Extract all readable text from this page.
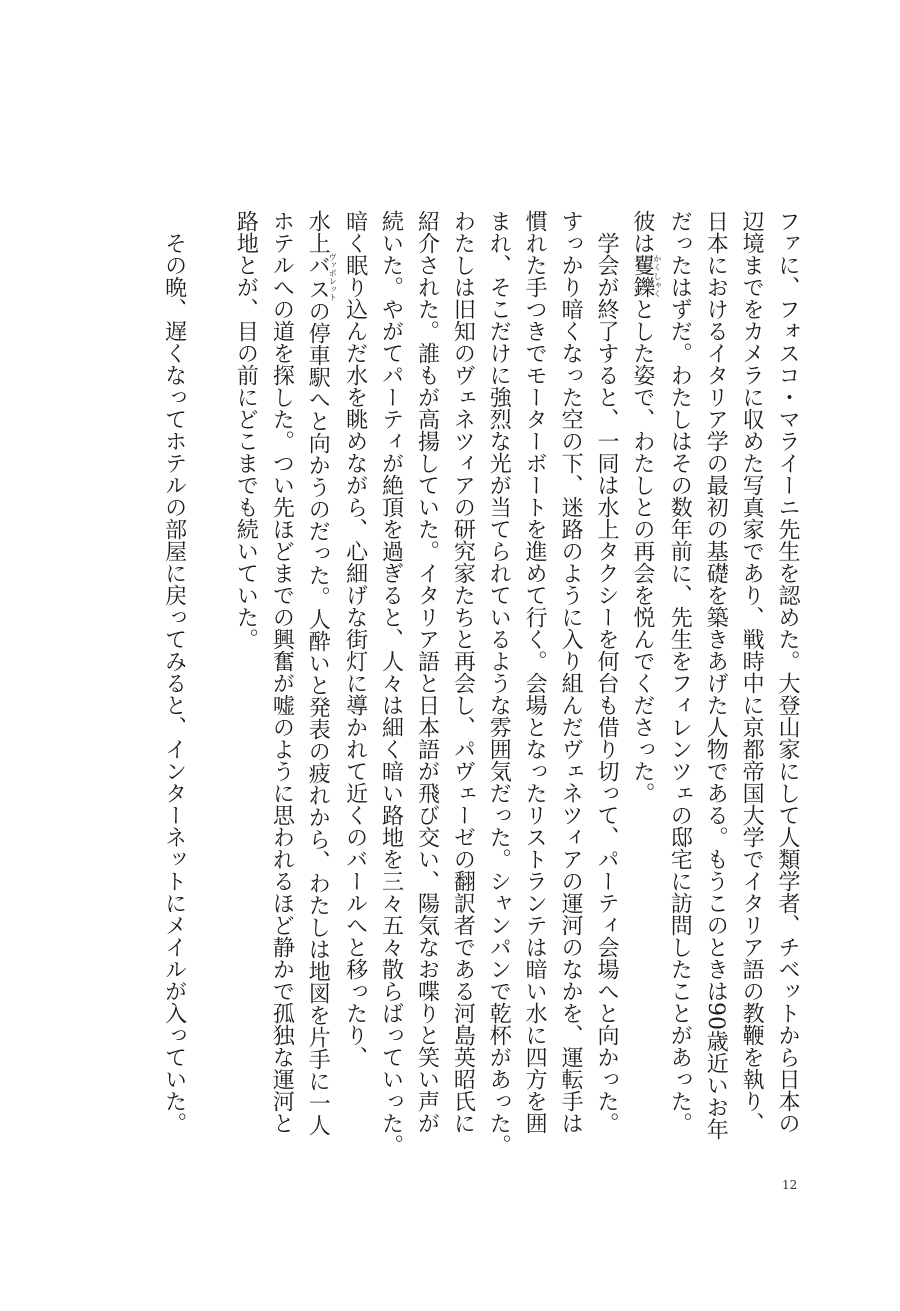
ファに、フォスコ・マライーニ先生を認めた。大登山家にして人類学者、チベットから日本の
辺境までをカメラに収めた写真家であり、戦時中に京都帝国大学でイタリア語の教鞭を執り、
日本におけるイタリア学の最初の基礎を築きあげた人物である。もうこのときは90歳近いお年
だったはずだ。わたしはその数年前に、先生をフィレンツェの邸宅に訪問したことがあった。
彼は矍鑠かくしゃくとした姿で、わたしとの再会を悦んでくださった。
学会が終了すると、一同は水上タクシーを何台も借り切って、パーティ会場へと向かった。
すっかり暗くなった空の下、迷路のように入り組んだヴェネツィアの運河のなかを、運転手は
慣れた手つきでモーターボートを進めて行く。会場となったリストランテは暗い水に四方を囲
まれ、そこだけに強烈な光が当てられているような雰囲気だった。シャンパンで乾杯があった。
わたしは旧知のヴェネツィアの研究家たちと再会し、パヴェーゼの翻訳者である河島英昭氏に
紹介された。誰もが高揚していた。イタリア語と日本語が飛び交い、陽気なお喋りと笑い声が
続いた。やがてパーティが絶頂を過ぎると、人々は細く暗い路地を三々五々散らばっていった。
暗く眠り込んだ水を眺めながら、心細げな街灯に導かれて近くのバールへと移ったり、
水上バスヴァポレットの停車駅へと向かうのだった。人酔いと発表の疲れから、わたしは地図を片手に一人
ホテルへの道を探した。つい先ほどまでの興奮が嘘のように思われるほど静かで孤独な運河と
路地とが、目の前にどこまでも続いていた。
その晩、遅くなってホテルの部屋に戻ってみると、インターネットにメイルが入っていた。
12
